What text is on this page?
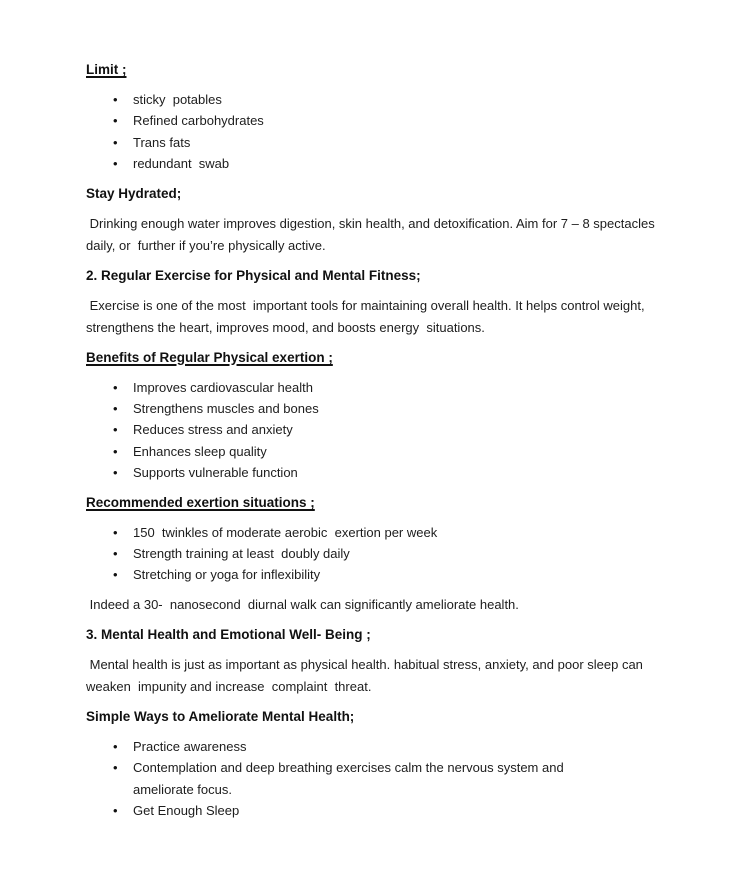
Limit ;
• sticky  potables
• Refined carbohydrates
• Trans fats
• redundant  swab
Stay Hydrated;

Drinking enough water improves digestion, skin health, and detoxification. Aim for 7 – 8 spectacles daily, or  further if you’re physically active.

2. Regular Exercise for Physical and Mental Fitness;

Exercise is one of the most  important tools for maintaining overall health. It helps control weight, strengthens the heart, improves mood, and boosts energy  situations.

Benefits of Regular Physical exertion ;
• Improves cardiovascular health
• Strengthens muscles and bones
• Reduces stress and anxiety
• Enhances sleep quality
• Supports vulnerable function
Recommended exertion situations ;
• 150  twinkles of moderate aerobic  exertion per week
• Strength training at least  doubly daily
• Stretching or yoga for inflexibility

Indeed a 30-  nanosecond  diurnal walk can significantly ameliorate health.

3. Mental Health and Emotional Well- Being ;

Mental health is just as important as physical health. habitual stress, anxiety, and poor sleep can weaken  impunity and increase  complaint  threat.

Simple Ways to Ameliorate Mental Health;
• Practice awareness
• Contemplation and deep breathing exercises calm the nervous system and ameliorate focus.
• Get Enough Sleep
